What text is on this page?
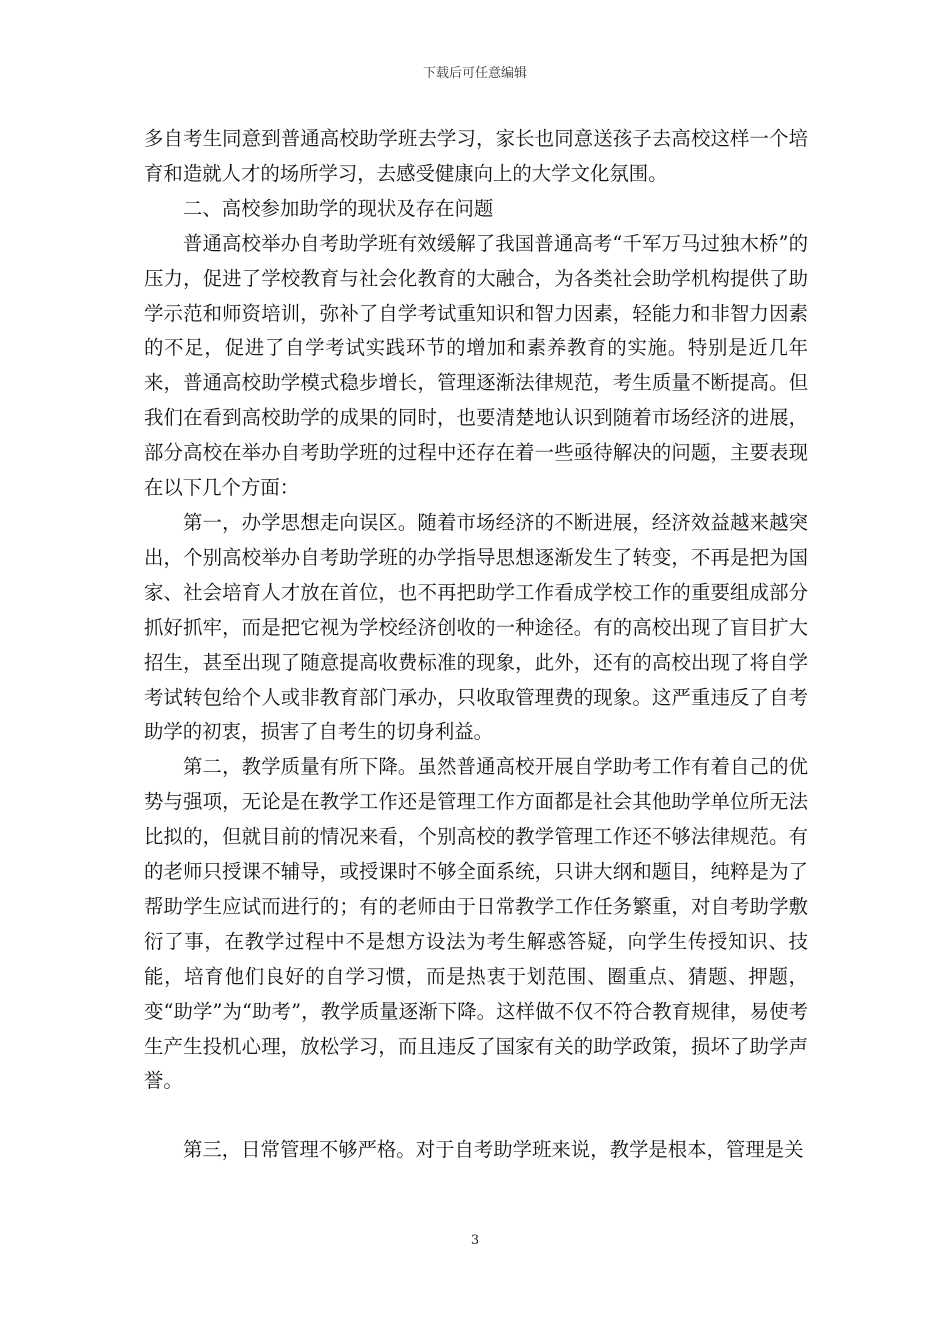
下载后可任意编辑

多自考生同意到普通高校助学班去学习，家长也同意送孩子去高校这样一个培育和造就人才的场所学习，去感受健康向上的大学文化氛围。

二、高校参加助学的现状及存在问题

普通高校举办自考助学班有效缓解了我国普通高考“千军万马过独木桥”的压力，促进了学校教育与社会化教育的大融合，为各类社会助学机构提供了助学示范和师资培训，弥补了自学考试重知识和智力因素，轻能力和非智力因素的不足，促进了自学考试实践环节的增加和素养教育的实施。特别是近几年来，普通高校助学模式稳步增长，管理逐渐法律规范，考生质量不断提高。但我们在看到高校助学的成果的同时，也要清楚地认识到随着市场经济的进展，部分高校在举办自考助学班的过程中还存在着一些亟待解决的问题，主要表现在以下几个方面：

第一，办学思想走向误区。随着市场经济的不断进展，经济效益越来越突出，个别高校举办自考助学班的办学指导思想逐渐发生了转变，不再是把为国家、社会培育人才放在首位，也不再把助学工作看成学校工作的重要组成部分抓好抓牢，而是把它视为学校经济创收的一种途径。有的高校出现了盲目扩大招生，甚至出现了随意提高收费标准的现象，此外，还有的高校出现了将自学考试转包给个人或非教育部门承办，只收取管理费的现象。这严重违反了自考助学的初衷，损害了自考生的切身利益。

第二，教学质量有所下降。虽然普通高校开展自学助考工作有着自己的优势与强项，无论是在教学工作还是管理工作方面都是社会其他助学单位所无法比拟的，但就目前的情况来看，个别高校的教学管理工作还不够法律规范。有的老师只授课不辅导，或授课时不够全面系统，只讲大纲和题目，纯粹是为了帮助学生应试而进行的；有的老师由于日常教学工作任务繁重，对自考助学敷衍了事，在教学过程中不是想方设法为考生解惑答疑，向学生传授知识、技能，培育他们良好的自学习惯，而是热衷于划范围、圈重点、猜题、押题，变“助学”为“助考”，教学质量逐渐下降。这样做不仅不符合教育规律，易使考生产生投机心理，放松学习，而且违反了国家有关的助学政策，损坏了助学声誉。

第三，日常管理不够严格。对于自考助学班来说，教学是根本，管理是关

3
